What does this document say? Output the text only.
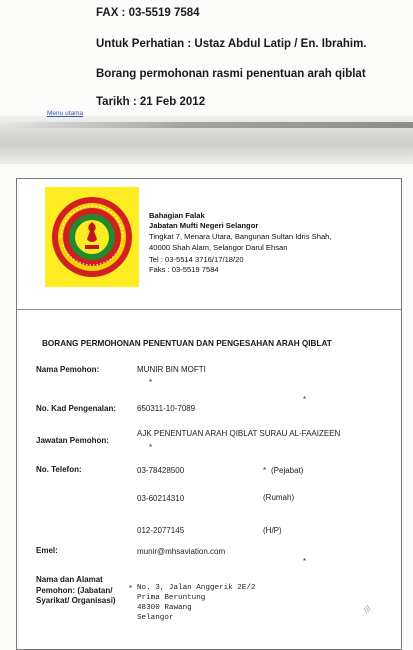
FAX : 03-5519 7584
Untuk Perhatian : Ustaz Abdul Latip / En. Ibrahim.
Borang permohonan rasmi penentuan arah qiblat
Tarikh : 21 Feb 2012
Menu utama
Bahagian Falak
Jabatan Mufti Negeri Selangor
Tingkat 7, Menara Utara, Bangunan Sultan Idris Shah,
40000 Shah Alam, Selangor Darul Ehsan
Tel : 03-5514 3716/17/18/20
Faks : 03-5519 7584
BORANG PERMOHONAN PENENTUAN DAN PENGESAHAN ARAH QIBLAT
Nama Pemohon:	MUNIR BIN MOFTI
*
No. Kad Pengenalan:	650311-10-7089
*
Jawatan Pemohon:
AJK PENENTUAN ARAH QIBLAT SURAU AL-FAAIZEEN
*
No. Telefon:	03-78428500	* (Pejabat)
03-60214310	(Rumah)
012-2077145	(H/P)
Emel:	munir@mhsaviation.com
*
Nama dan Alamat
Pemohon: (Jabatan/
Syarikat/ Organisasi)
* No. 3, Jalan Anggerik 2E/2
Prima Beruntung
48300 Rawang
Selangor
///
